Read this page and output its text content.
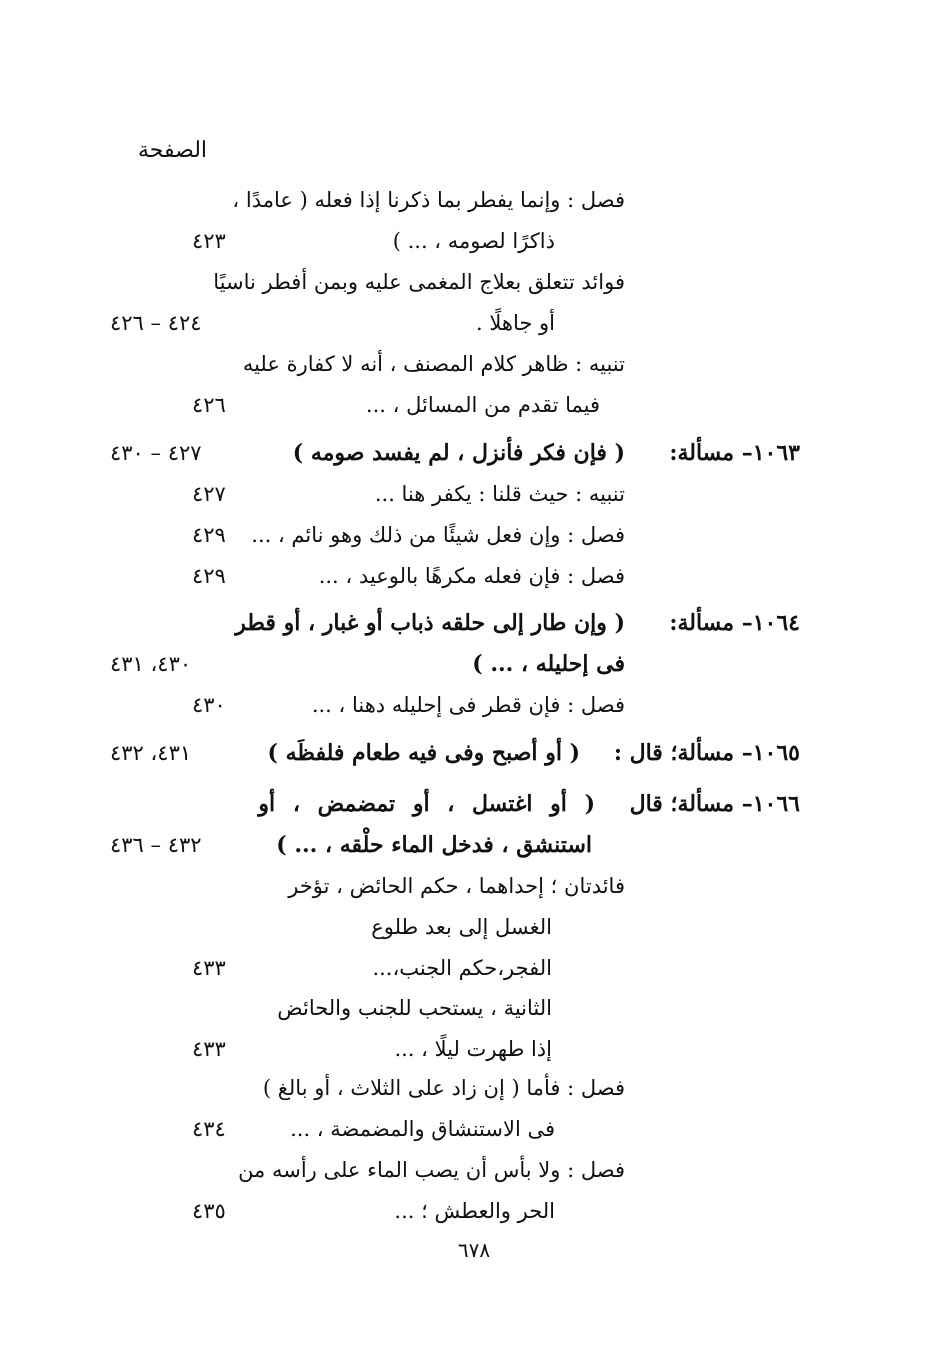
الصفحة
فصل : وإنما يفطر بما ذكرنا إذا فعله ( عامدًا ،
ذاكرًا لصومه ، ... )
٤٢٣
فوائد تتعلق بعلاج المغمى عليه وبمن أفطر ناسيًا
أو جاهلًا .
٤٢٤ – ٤٢٦
تنبيه : ظاهر كلام المصنف ، أنه لا كفارة عليه
فيما تقدم من المسائل ، ...
٤٢٦
١٠٦٣– مسألة:
( فإن فكر فأنزل ، لم يفسد صومه )
٤٢٧ – ٤٣٠
تنبيه : حيث قلنا : يكفر هنا ...
٤٢٧
فصل : وإن فعل شيئًا من ذلك وهو نائم ، ...
٤٢٩
فصل : فإن فعله مكرهًا بالوعيد ، ...
٤٢٩
١٠٦٤– مسألة:
( وإن طار إلى حلقه ذباب أو غبار ، أو قطر
فى إحليله ، ... )
٤٣٠، ٤٣١
فصل : فإن قطر فى إحليله دهنا ، ...
٤٣٠
١٠٦٥– مسألة؛ قال :
( أو أصبح وفى فيه طعام فلفظَه )
٤٣١، ٤٣٢
١٠٦٦– مسألة؛ قال
( أو اغتسل ، أو تمضمض ، أو
استنشق ، فدخل الماء حلْقه ، ... )
٤٣٢ – ٤٣٦
فائدتان ؛ إحداهما ، حكم الحائض ، تؤخر
الغسل إلى بعد طلوع
الفجر،حكم الجنب،...
٤٣٣
الثانية ، يستحب للجنب والحائض
إذا طهرت ليلًا ، ...
٤٣٣
فصل : فأما ( إن زاد على الثلاث ، أو بالغ )
فى الاستنشاق والمضمضة ، ...
٤٣٤
فصل : ولا بأس أن يصب الماء على رأسه من
الحر والعطش ؛ ...
٤٣٥
٦٧٨
